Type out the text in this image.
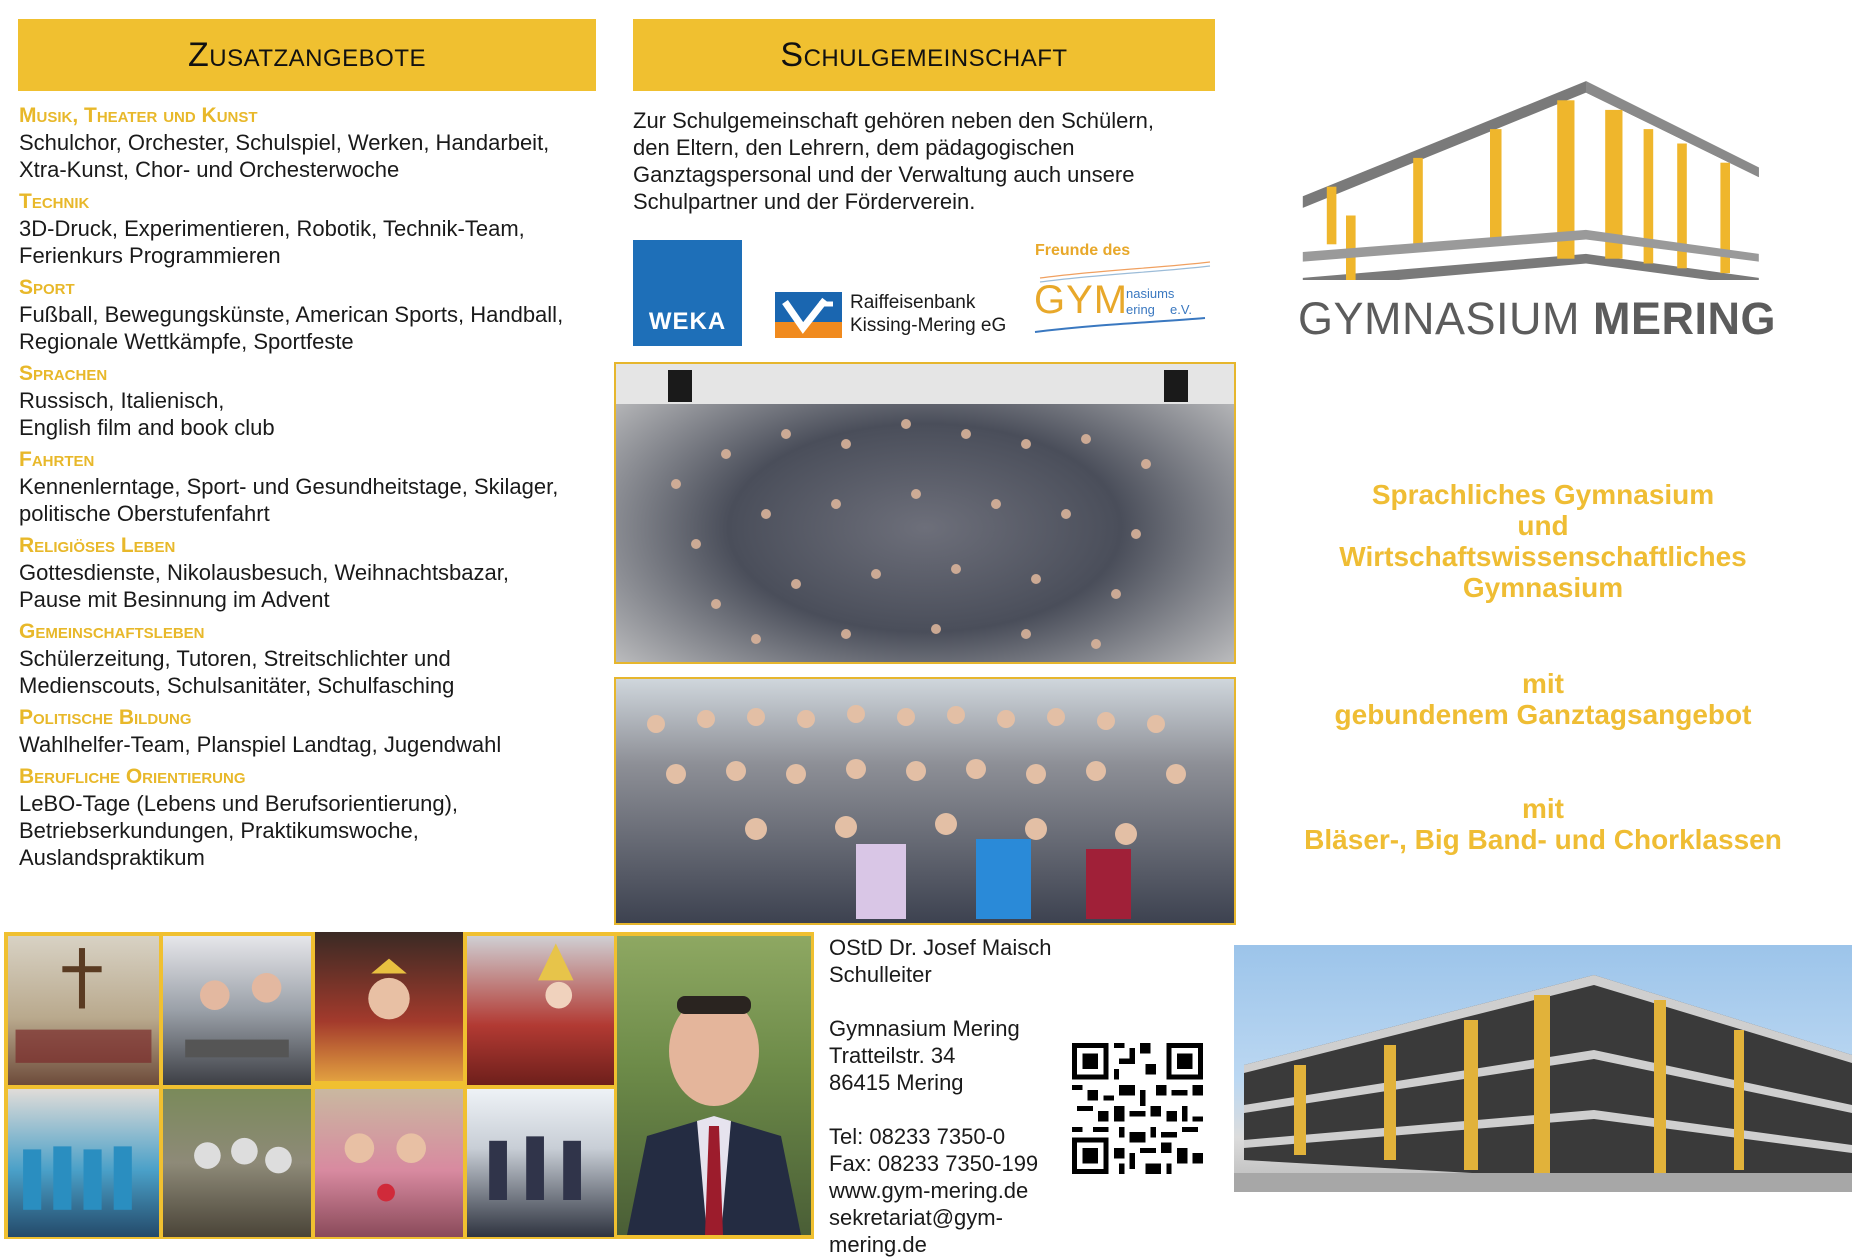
Zusatzangebote
Musik, Theater und Kunst
Schulchor, Orchester, Schulspiel, Werken, Handarbeit,
Xtra-Kunst, Chor- und Orchesterwoche
Technik
3D-Druck, Experimentieren, Robotik, Technik-Team,
Ferienkurs Programmieren
Sport
Fußball, Bewegungskünste, American Sports, Handball,
Regionale Wettkämpfe, Sportfeste
Sprachen
Russisch, Italienisch,
English film and book club
Fahrten
Kennenlerntage, Sport- und Gesundheitstage, Skilager,
politische Oberstufenfahrt
Religiöses Leben
Gottesdienste, Nikolausbesuch, Weihnachtsbazar,
Pause mit Besinnung im Advent
Gemeinschaftsleben
Schülerzeitung, Tutoren, Streitschlichter und
Medienscouts, Schulsanitäter, Schulfasching
Politische Bildung
Wahlhelfer-Team, Planspiel Landtag, Jugendwahl
Berufliche Orientierung
LeBO-Tage (Lebens und Berufsorientierung),
Betriebserkundungen, Praktikumswoche,
Auslandspraktikum
Schulgemeinschaft
Zur Schulgemeinschaft gehören neben den Schülern,
den Eltern, den Lehrern, dem pädagogischen
Ganztagspersonal und der Verwaltung auch unsere
Schulpartner und der Förderverein.
WEKA
Raiffeisenbank
Kissing-Mering eG
Freunde des
GYM
nasiums
ering e.V.
OStD Dr. Josef Maisch
Schulleiter
Gymnasium Mering
Tratteilstr. 34
86415 Mering
Tel: 08233 7350-0
Fax: 08233 7350-199
www.gym-mering.de
sekretariat@gym-mering.de
GYMNASIUM MERING
Sprachliches Gymnasium
und
Wirtschaftswissenschaftliches
Gymnasium
mit
gebundenem Ganztagsangebot
mit
Bläser-, Big Band- und Chorklassen
